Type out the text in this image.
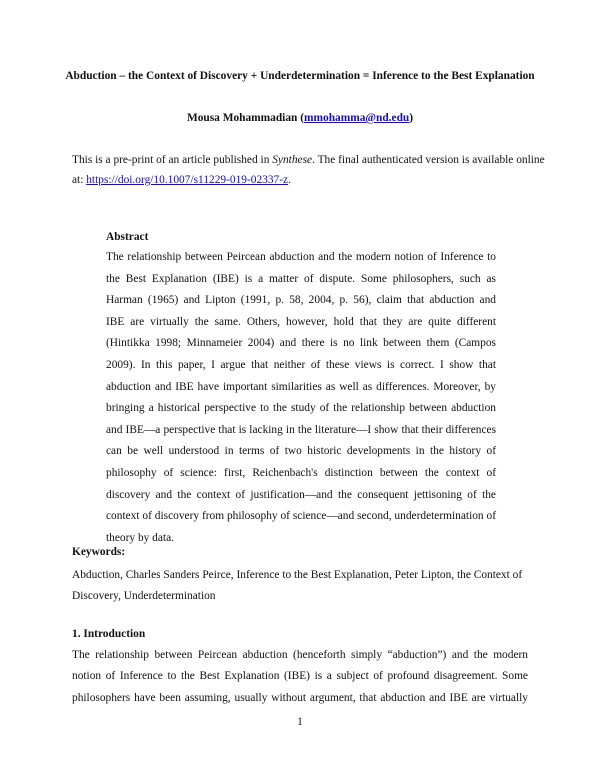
Abduction – the Context of Discovery + Underdetermination = Inference to the Best Explanation
Mousa Mohammadian (mmohamma@nd.edu)
This is a pre-print of an article published in Synthese. The final authenticated version is available online
at: https://doi.org/10.1007/s11229-019-02337-z.
Abstract
The relationship between Peircean abduction and the modern notion of Inference to
the Best Explanation (IBE) is a matter of dispute. Some philosophers, such as
Harman (1965) and Lipton (1991, p. 58, 2004, p. 56), claim that abduction and
IBE are virtually the same. Others, however, hold that they are quite different
(Hintikka 1998; Minnameier 2004) and there is no link between them (Campos
2009). In this paper, I argue that neither of these views is correct. I show that
abduction and IBE have important similarities as well as differences. Moreover, by
bringing a historical perspective to the study of the relationship between abduction
and IBE—a perspective that is lacking in the literature—I show that their differences
can be well understood in terms of two historic developments in the history of
philosophy of science: first, Reichenbach's distinction between the context of
discovery and the context of justification—and the consequent jettisoning of the
context of discovery from philosophy of science—and second, underdetermination of
theory by data.
Keywords:
Abduction, Charles Sanders Peirce, Inference to the Best Explanation, Peter Lipton, the Context of
Discovery, Underdetermination
1. Introduction
The relationship between Peircean abduction (henceforth simply “abduction”) and the modern
notion of Inference to the Best Explanation (IBE) is a subject of profound disagreement. Some
philosophers have been assuming, usually without argument, that abduction and IBE are virtually
1
